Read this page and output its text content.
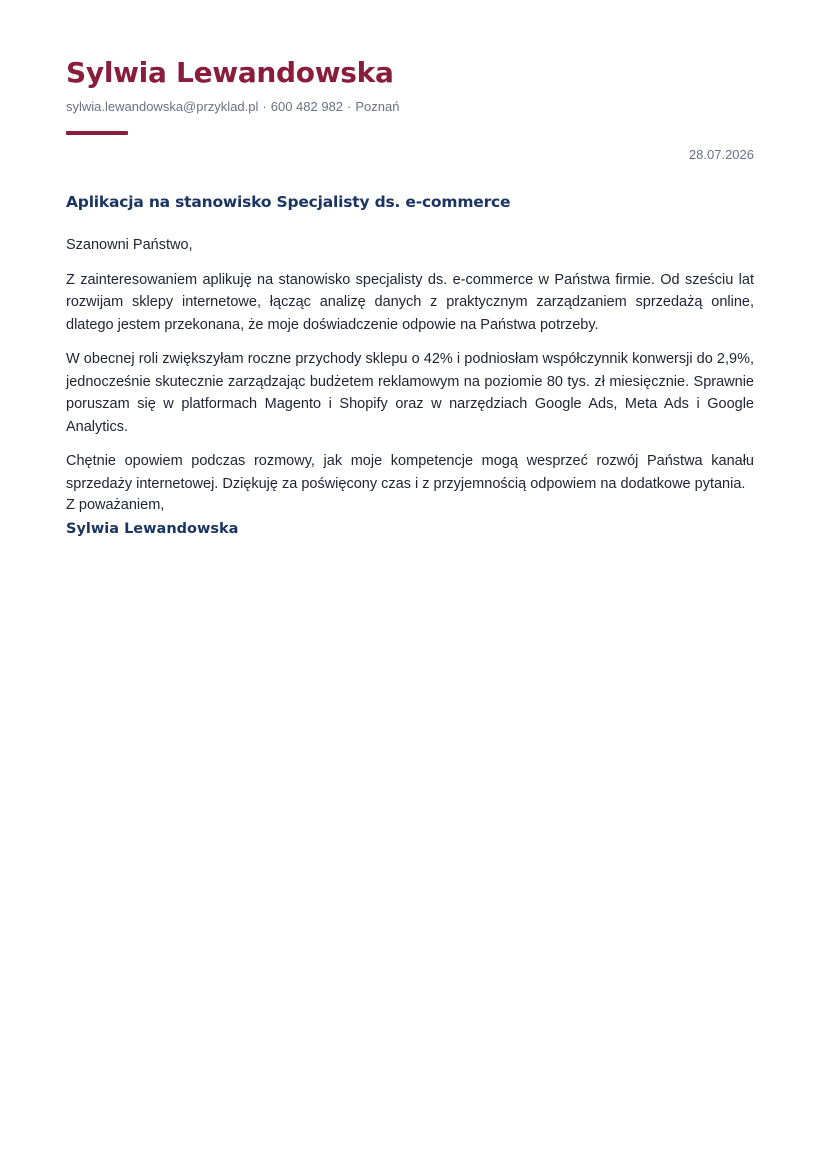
Sylwia Lewandowska
sylwia.lewandowska@przyklad.pl · 600 482 982 · Poznań
28.07.2026
Aplikacja na stanowisko Specjalisty ds. e-commerce

Szanowni Państwo,

Z zainteresowaniem aplikuję na stanowisko specjalisty ds. e-commerce w Państwa firmie. Od sześciu lat rozwijam sklepy internetowe, łącząc analizę danych z praktycznym zarządzaniem sprzedażą online, dlatego jestem przekonana, że moje doświadczenie odpowie na Państwa potrzeby.

W obecnej roli zwiększyłam roczne przychody sklepu o 42% i podniosłam współczynnik konwersji do 2,9%, jednocześnie skutecznie zarządzając budżetem reklamowym na poziomie 80 tys. zł miesięcznie. Sprawnie poruszam się w platformach Magento i Shopify oraz w narzędziach Google Ads, Meta Ads i Google Analytics.

Chętnie opowiem podczas rozmowy, jak moje kompetencje mogą wesprzeć rozwój Państwa kanału sprzedaży internetowej. Dziękuję za poświęcony czas i z przyjemnością odpowiem na dodatkowe pytania.

Z poważaniem,
Sylwia Lewandowska
